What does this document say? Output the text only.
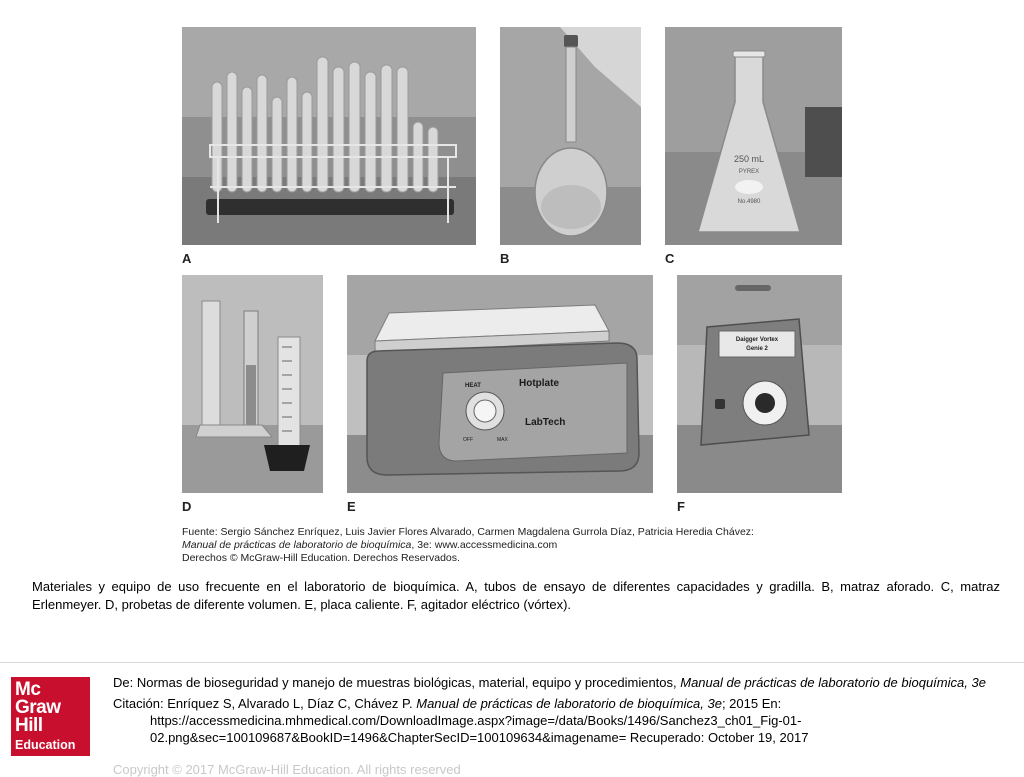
A	B
250 mL
PYREX
No.4980
C
D
HEAT	Hotplate
LabTech
OFF	MAX
E
Daigger Vortex
Genie 2
F
Fuente: Sergio Sánchez Enríquez, Luis Javier Flores Alvarado, Carmen Magdalena Gurrola Díaz, Patricia Heredia Chávez:
Manual de prácticas de laboratorio de bioquímica, 3e: www.accessmedicina.com
Derechos © McGraw-Hill Education. Derechos Reservados.
Materiales y equipo de uso frecuente en el laboratorio de bioquímica. A, tubos de ensayo de diferentes capacidades y gradilla. B, matraz aforado. C, matraz Erlenmeyer. D, probetas de diferente volumen. E, placa caliente. F, agitador eléctrico (vórtex).
Mc
Graw
Hill
Education

De: Normas de bioseguridad y manejo de muestras biológicas, material, equipo y procedimientos, Manual de prácticas de laboratorio de bioquímica, 3e

Citación: Enríquez S, Alvarado L, Díaz C, Chávez P. Manual de prácticas de laboratorio de bioquímica, 3e; 2015 En: https://accessmedicina.mhmedical.com/DownloadImage.aspx?image=/data/Books/1496/Sanchez3_ch01_Fig-01-02.png&sec=100109687&BookID=1496&ChapterSecID=100109634&imagename= Recuperado: October 19, 2017

Copyright © 2017 McGraw-Hill Education. All rights reserved
